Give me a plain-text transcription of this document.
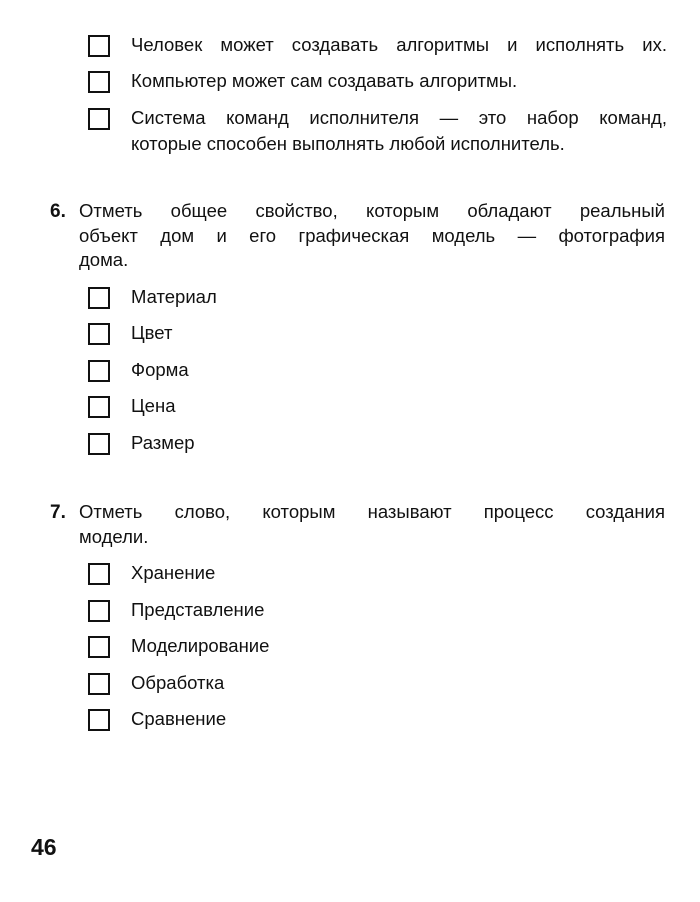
Человек может создавать алгоритмы и исполнять их.
Компьютер может сам создавать алгоритмы.
Система команд исполнителя — это набор команд,
которые способен выполнять любой исполнитель.
6. Отметь общее свойство, которым обладают реальный
объект дом и его графическая модель — фотография
дома.
Материал
Цвет
Форма
Цена
Размер
7. Отметь слово, которым называют процесс создания
модели.
Хранение
Представление
Моделирование
Обработка
Сравнение
46
